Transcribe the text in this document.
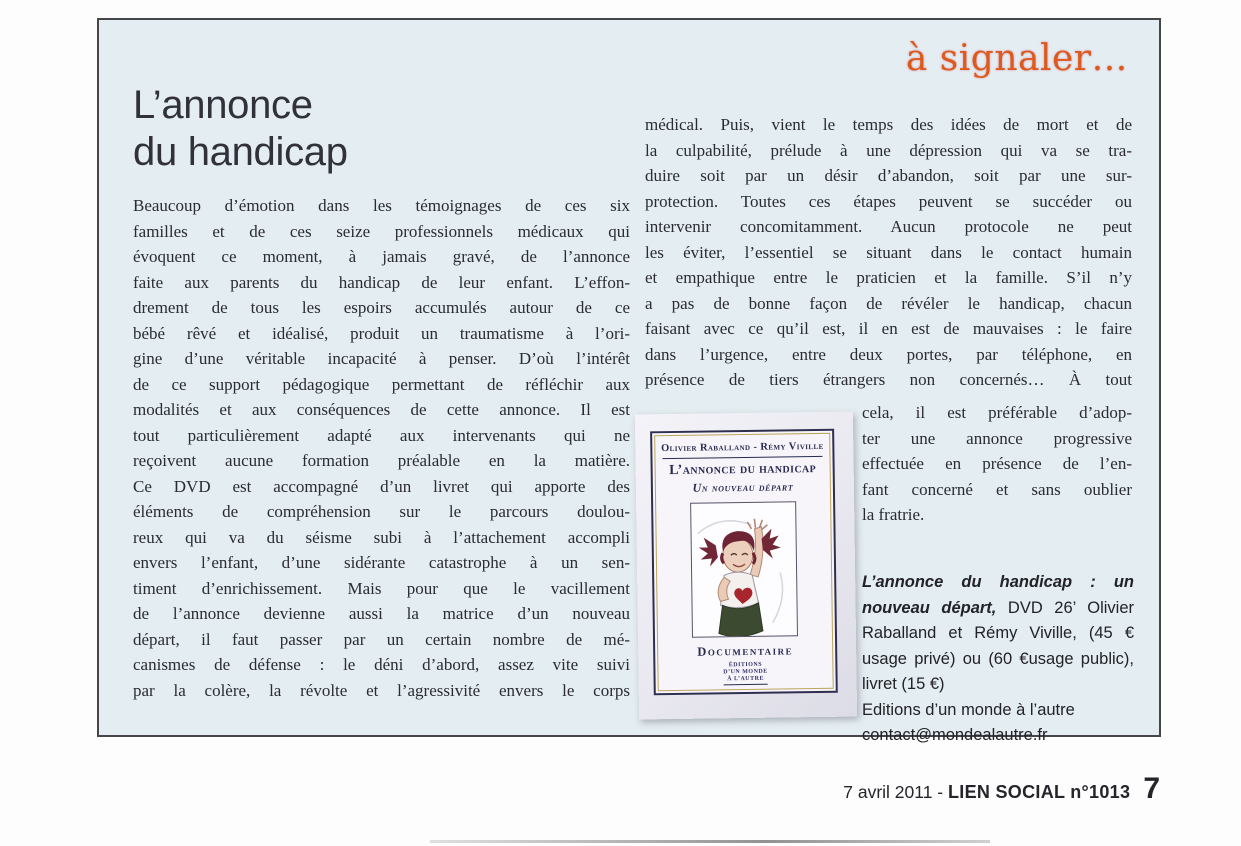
à signaler…
L’annonce
du handicap
Beaucoup d’émotion dans les témoignages de ces six
familles et de ces seize professionnels médicaux qui
évoquent ce moment, à jamais gravé, de l’annonce
faite aux parents du handicap de leur enfant. L’effon-
drement de tous les espoirs accumulés autour de ce
bébé rêvé et idéalisé, produit un traumatisme à l’ori-
gine d’une véritable incapacité à penser. D’où l’intérêt
de ce support pédagogique permettant de réfléchir aux
modalités et aux conséquences de cette annonce. Il est
tout particulièrement adapté aux intervenants qui ne
reçoivent aucune formation préalable en la matière.
Ce DVD est accompagné d’un livret qui apporte des
éléments de compréhension sur le parcours doulou-
reux qui va du séisme subi à l’attachement accompli
envers l’enfant, d’une sidérante catastrophe à un sen-
timent d’enrichissement. Mais pour que le vacillement
de l’annonce devienne aussi la matrice d’un nouveau
départ, il faut passer par un certain nombre de mé-
canismes de défense : le déni d’abord, assez vite suivi
par la colère, la révolte et l’agressivité envers le corps
médical. Puis, vient le temps des idées de mort et de
la culpabilité, prélude à une dépression qui va se tra-
duire soit par un désir d’abandon, soit par une sur-
protection. Toutes ces étapes peuvent se succéder ou
intervenir concomitamment. Aucun protocole ne peut
les éviter, l’essentiel se situant dans le contact humain
et empathique entre le praticien et la famille. S’il n’y
a pas de bonne façon de révéler le handicap, chacun
faisant avec ce qu’il est, il en est de mauvaises : le faire
dans l’urgence, entre deux portes, par téléphone, en
présence de tiers étrangers non concernés… À tout
cela, il est préférable d’adop-
ter une annonce progressive
effectuée en présence de l’en-
fant concerné et sans oublier
la fratrie.
Olivier Raballand - Rémy Viville
L’annonce du handicap
Un nouveau départ
Documentaire
ÉDITIONS
D’UN MONDE
À L’AUTRE

L’annonce du handicap : un nouveau départ, DVD 26’ Olivier Raballand et Rémy Viville, (45 € usage privé) ou (60 €usage public), livret (15 €)

Editions d’un monde à l’autre
contact@mondealautre.fr
7 avril 2011 - LIEN SOCIAL n°1013 7
